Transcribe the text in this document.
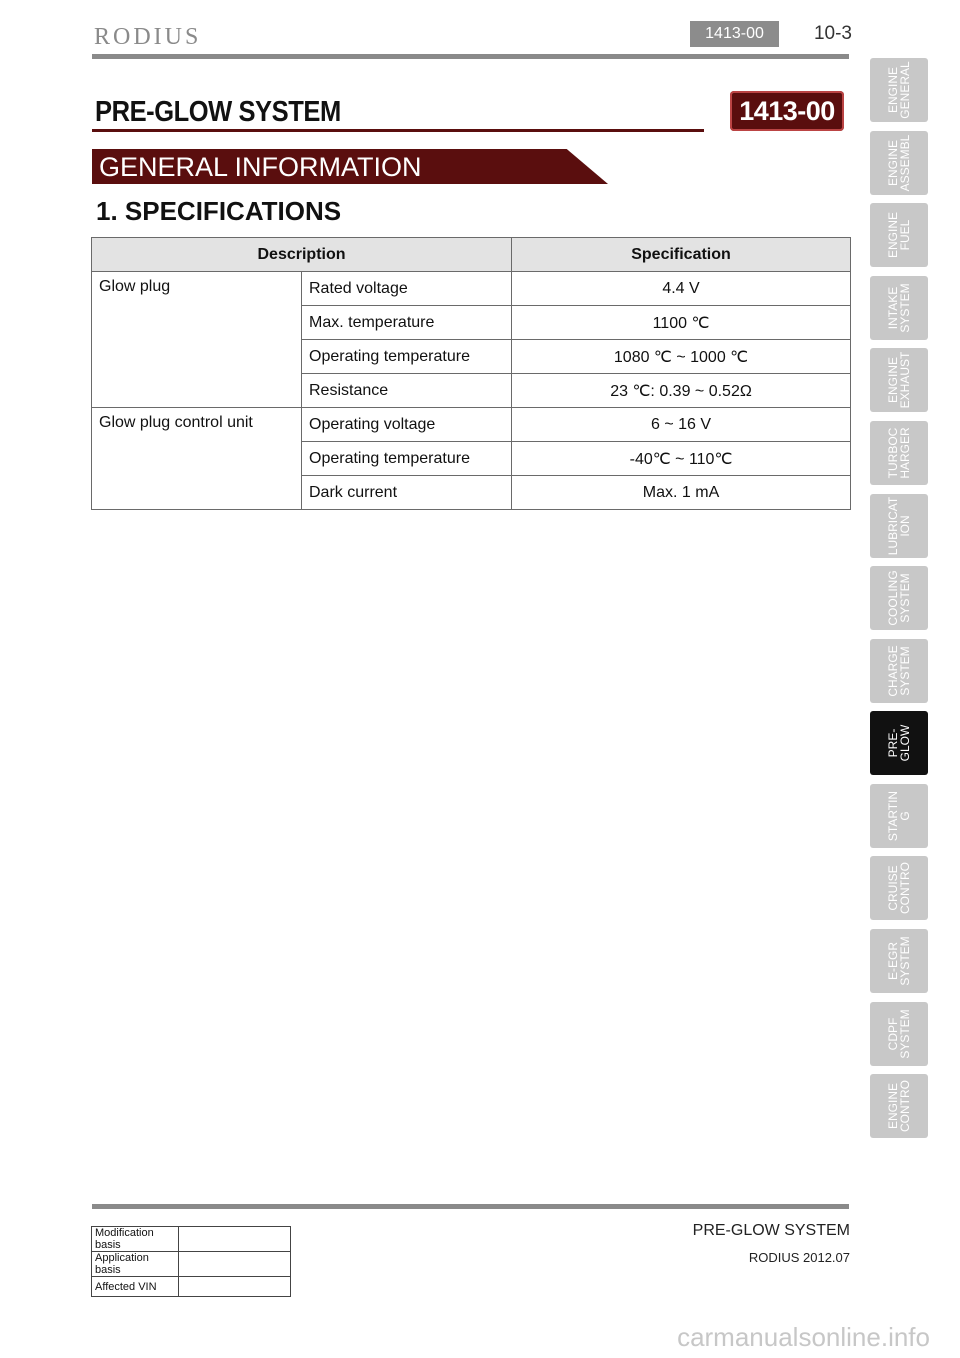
RODIUS	1413-00	10-3
PRE-GLOW SYSTEM	1413-00
GENERAL INFORMATION
1. SPECIFICATIONS
Description		Specification
Glow plug	Rated voltage	4.4 V
	Max. temperature	1100 ℃
	Operating temperature	1080 ℃ ~ 1000 ℃
	Resistance	23 ℃: 0.39 ~ 0.52Ω
Glow plug control unit	Operating voltage	6 ~ 16 V
	Operating temperature	-40℃ ~ 110℃
	Dark current	Max. 1 mA
ENGINE
GENERAL
ENGINE
ASSEMBL
ENGINE
FUEL
INTAKE
SYSTEM
ENGINE
EXHAUST
TURBOC
HARGER
LUBRICAT
ION
COOLING
SYSTEM
CHARGE
SYSTEM
PRE-
GLOW
STARTIN
G
CRUISE
CONTRO
E-EGR
SYSTEM
CDPF
SYSTEM
ENGINE
CONTRO
PRE-GLOW SYSTEM
RODIUS 2012.07
Modification basis	
Application basis	
Affected VIN	
carmanualsonline.info
